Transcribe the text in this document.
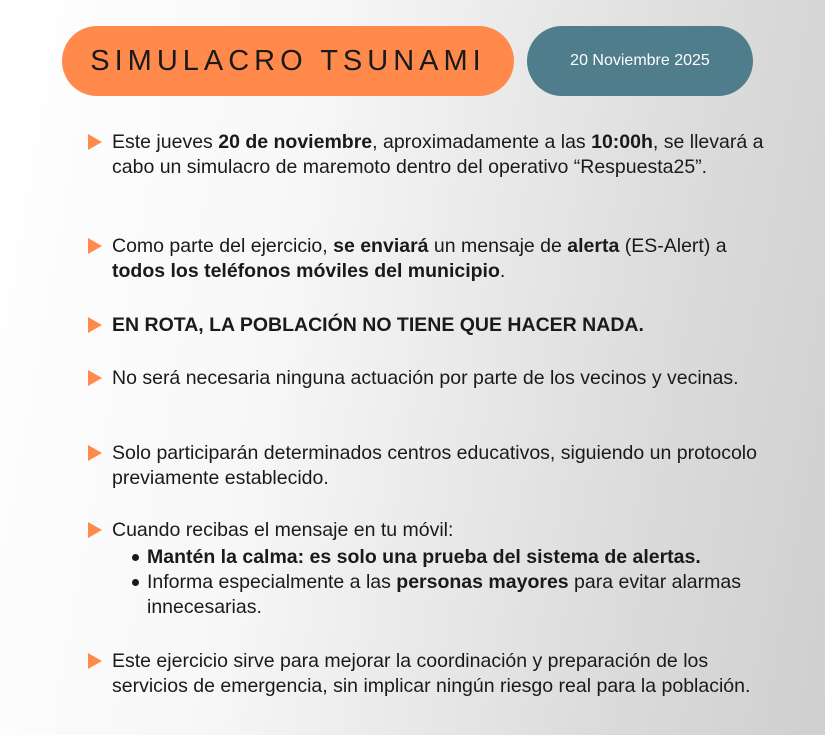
SIMULACRO TSUNAMI	20 Noviembre 2025
Este jueves 20 de noviembre, aproximadamente a las 10:00h, se llevará a cabo un simulacro de maremoto dentro del operativo “Respuesta25”.
Como parte del ejercicio, se enviará un mensaje de alerta (ES-Alert) a todos los teléfonos móviles del municipio.
EN ROTA, LA POBLACIÓN NO TIENE QUE HACER NADA.
No será necesaria ninguna actuación por parte de los vecinos y vecinas.
Solo participarán determinados centros educativos, siguiendo un protocolo previamente establecido.
Cuando recibas el mensaje en tu móvil:
Mantén la calma: es solo una prueba del sistema de alertas.
Informa especialmente a las personas mayores para evitar alarmas innecesarias.
Este ejercicio sirve para mejorar la coordinación y preparación de los servicios de emergencia, sin implicar ningún riesgo real para la población.
